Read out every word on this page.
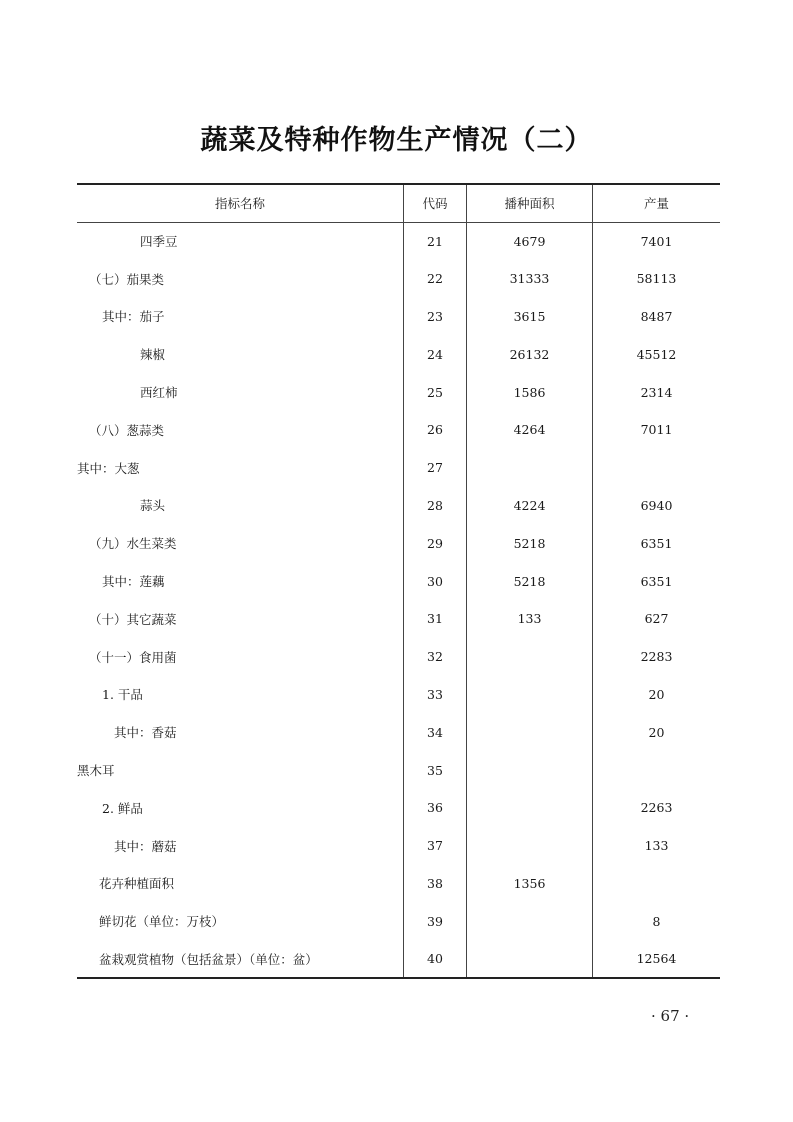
蔬菜及特种作物生产情况（二）
指标名称	代码	播种面积	产量
四季豆	21	4679	7401
（七）茄果类	22	31333	58113
其中：茄子	23	3615	8487
辣椒	24	26132	45512
西红柿	25	1586	2314
（八）葱蒜类	26	4264	7011
其中：大葱	27		
蒜头	28	4224	6940
（九）水生菜类	29	5218	6351
其中：莲藕	30	5218	6351
（十）其它蔬菜	31	133	627
（十一）食用菌	32		2283
1. 干品	33		20
其中：香菇	34		20
黑木耳	35		
2. 鲜品	36		2263
其中：蘑菇	37		133
花卉种植面积	38	1356	
鲜切花（单位：万枝）	39		8
盆栽观赏植物（包括盆景）（单位：盆）	40		12564
· 67 ·
